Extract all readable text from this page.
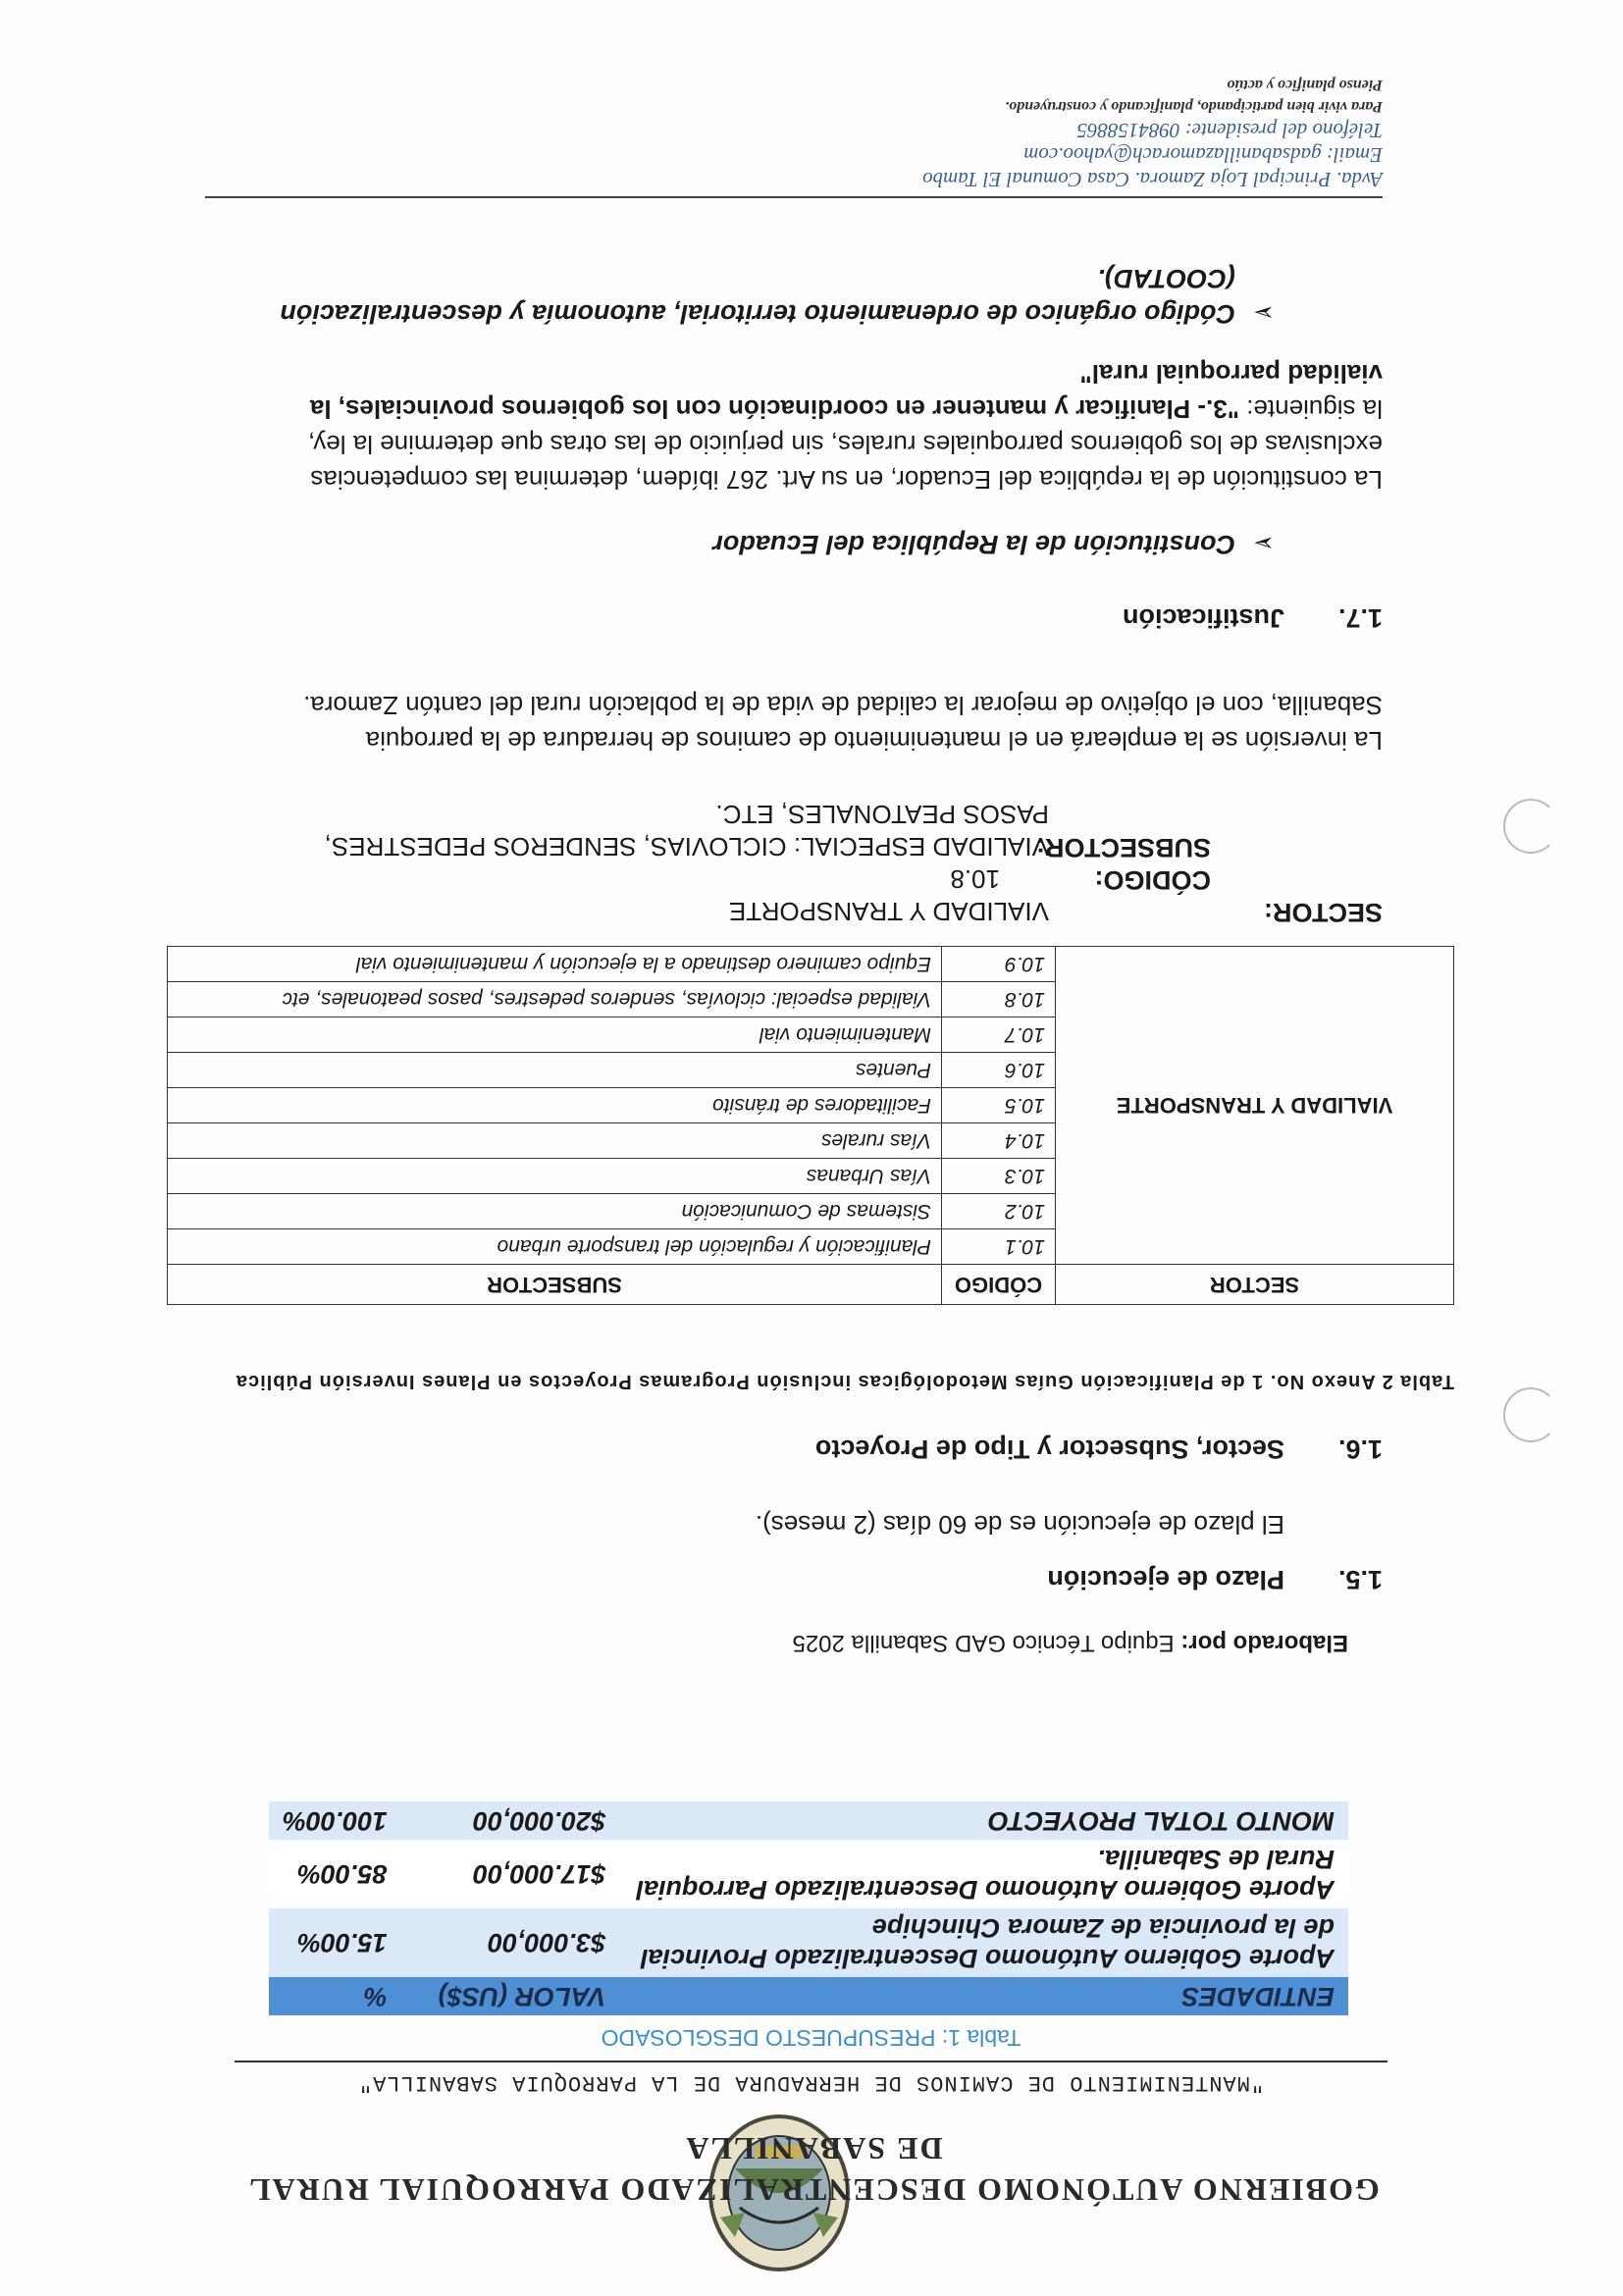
GOBIERNO AUTÓNOMO DESCENTRALIZADO PARROQUIAL RURAL
DE SABANILLA
"MANTENIMIENTO DE CAMINOS DE HERRADURA DE LA PARROQUIA SABANILLA"
Tabla 1: PRESUPUESTO DESGLOSADO
ENTIDADES	VALOR (US$)	%
Aporte Gobierno Autónomo Descentralizado Provincial de la provincia de Zamora Chinchipe	$3.000,00	15.00%
Aporte Gobierno Autónomo Descentralizado Parroquial Rural de Sabanilla.	$17.000,00	85.00%
MONTO TOTAL PROYECTO	$20.000,00	100.00%
Elaborado por: Equipo Técnico GAD Sabanilla 2025
1.5.
Plazo de ejecución
El plazo de ejecución es de 60 días (2 meses).
1.6.
Sector, Subsector y Tipo de Proyecto
Tabla 2 Anexo No. 1 de Planificación Guías Metodológicas inclusión Programas Proyectos en Planes Inversión Pública
SECTOR	CÓDIGO	SUBSECTOR
VIALIDAD Y TRANSPORTE	10.1	Planificación y regulación del transporte urbano
	10.2	Sistemas de Comunicación
	10.3	Vías Urbanas
	10.4	Vías rurales
	10.5	Facilitadores de tránsito
	10.6	Puentes
	10.7	Mantenimiento vial
	10.8	Vialidad especial: ciclovías, senderos pedestres, pasos peatonales, etc
	10.9	Equipo caminero destinado a la ejecución y mantenimiento vial
SECTOR:
VIALIDAD Y TRANSPORTE
CÓDIGO:
10.8
SUBSECTOR:
VIALIDAD ESPECIAL: CICLOVIAS, SENDEROS PEDESTRES,
PASOS PEATONALES, ETC.
La inversión se la empleará en el mantenimiento de caminos de herradura de la parroquia
Sabanilla, con el objetivo de mejorar la calidad de vida de la población rural del cantón Zamora.
1.7.
Justificación
➢
Constitución de la República del Ecuador
La constitución de la república del Ecuador, en su Art. 267 ibídem, determina las competencias
exclusivas de los gobiernos parroquiales rurales, sin perjuicio de las otras que determine la ley,
la siguiente: "3.- Planificar y mantener en coordinación con los gobiernos provinciales, la
vialidad parroquial rural"
➢
Código orgánico de ordenamiento territorial, autonomía y descentralización
(COOTAD).
Avda. Principal Loja Zamora. Casa Comunal El Tambo
Email: gadsabanillazamorach@yahoo.com
Teléfono del presidente: 0984158865
Para vivir bien participando, planificando y construyendo.
Pienso planifico y actúo
